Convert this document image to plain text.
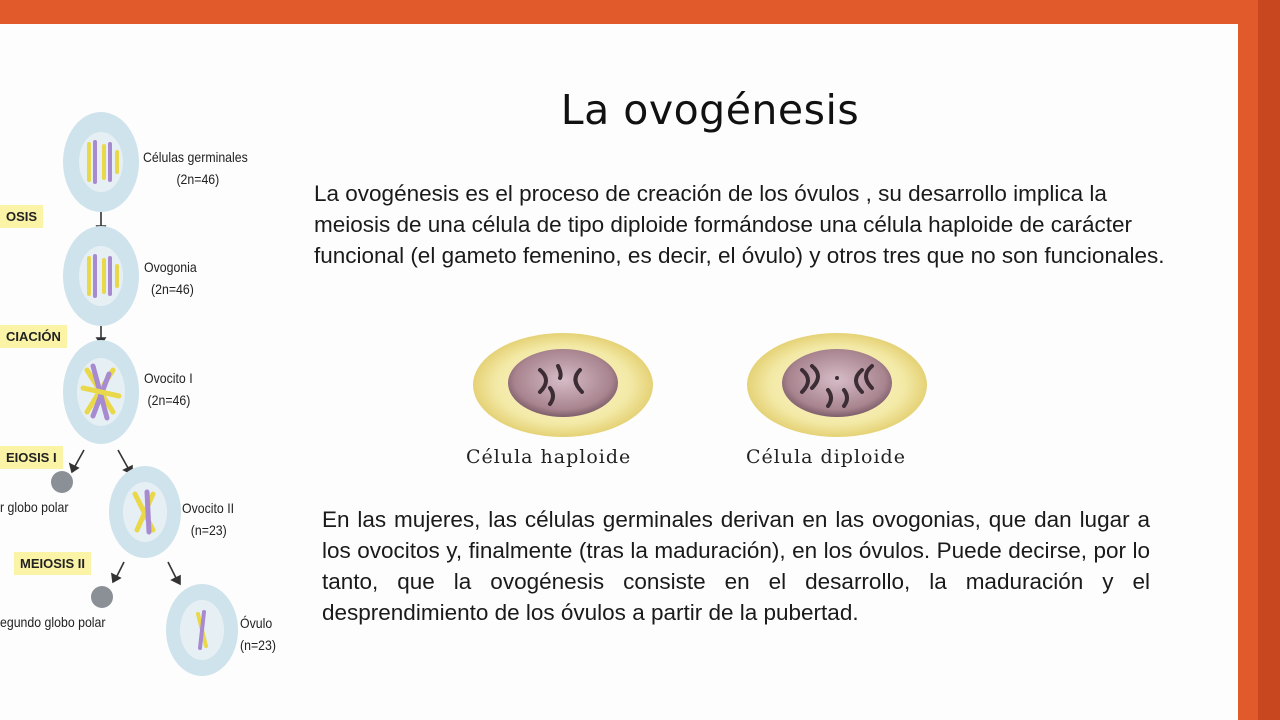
OSIS
CIACIÓN
EIOSIS I
MEIOSIS II
Células germinales
(2n=46)
Ovogonia
(2n=46)
Ovocito I
(2n=46)
Ovocito II
(n=23)
Óvulo
(n=23)
r globo polar
egundo globo polar
La ovogénesis

La ovogénesis es el proceso de creación de los óvulos , su desarrollo implica la meiosis de una célula de tipo diploide formándose una célula haploide de carácter funcional (el gameto femenino, es decir, el óvulo) y otros tres que no son funcionales.

Célula haploide	Célula diploide

En las mujeres, las células germinales derivan en las ovogonias, que dan lugar a los ovocitos y, finalmente (tras la maduración), en los óvulos. Puede decirse, por lo tanto, que la ovogénesis consiste en el desarrollo, la maduración y el desprendimiento de los óvulos a partir de la pubertad.
